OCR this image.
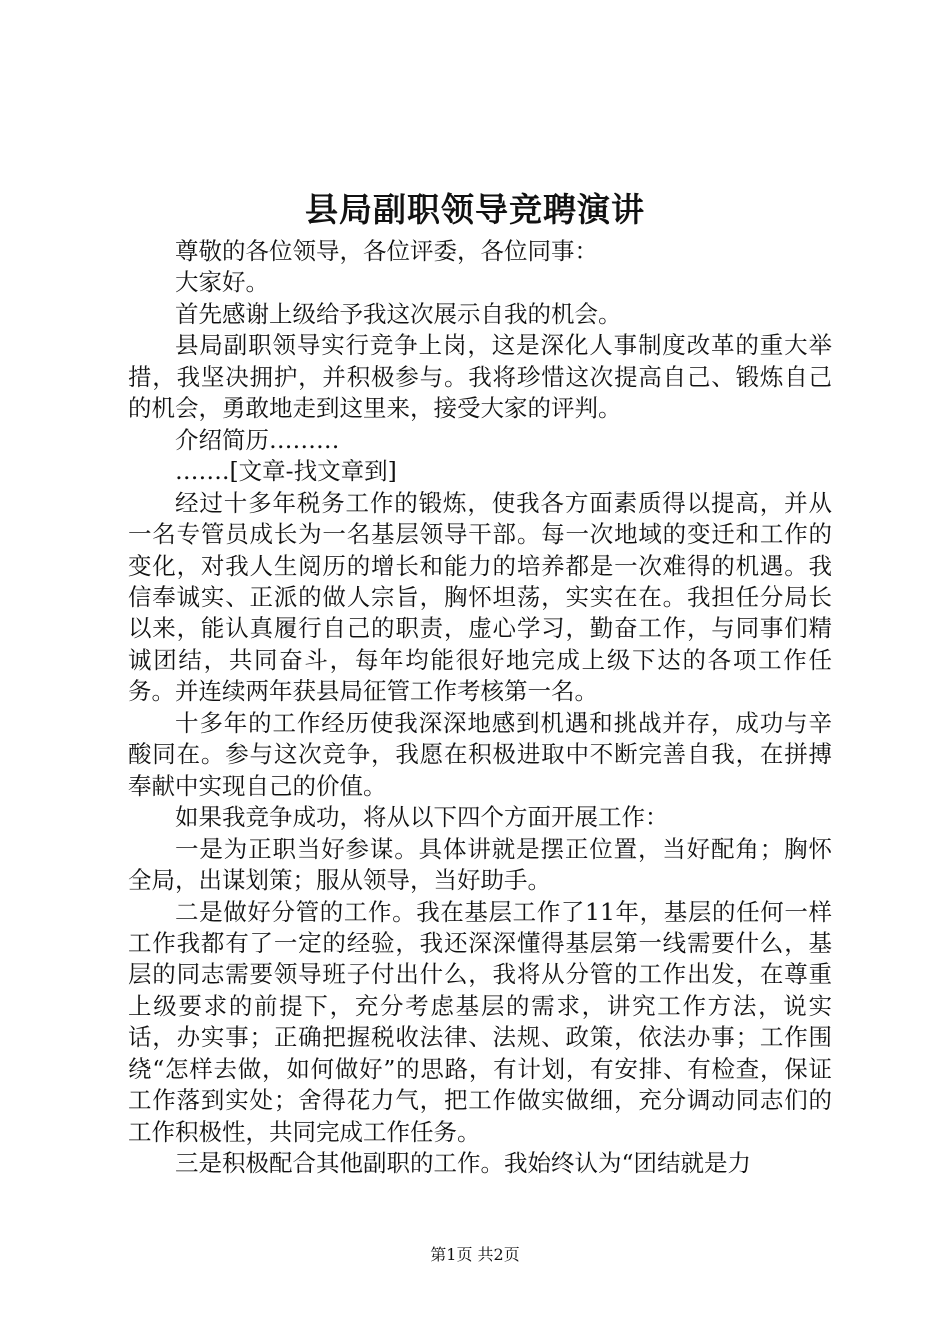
县局副职领导竞聘演讲

尊敬的各位领导，各位评委，各位同事：

大家好。

首先感谢上级给予我这次展示自我的机会。

县局副职领导实行竞争上岗，这是深化人事制度改革的重大举措，我坚决拥护，并积极参与。我将珍惜这次提高自己、锻炼自己的机会，勇敢地走到这里来，接受大家的评判。

介绍简历………

…….[文章-找文章到]

经过十多年税务工作的锻炼，使我各方面素质得以提高，并从一名专管员成长为一名基层领导干部。每一次地域的变迁和工作的变化，对我人生阅历的增长和能力的培养都是一次难得的机遇。我信奉诚实、正派的做人宗旨，胸怀坦荡，实实在在。我担任分局长以来，能认真履行自己的职责，虚心学习，勤奋工作，与同事们精诚团结，共同奋斗，每年均能很好地完成上级下达的各项工作任务。并连续两年获县局征管工作考核第一名。

十多年的工作经历使我深深地感到机遇和挑战并存，成功与辛酸同在。参与这次竞争，我愿在积极进取中不断完善自我，在拼搏奉献中实现自己的价值。

如果我竞争成功，将从以下四个方面开展工作：

一是为正职当好参谋。具体讲就是摆正位置，当好配角；胸怀全局，出谋划策；服从领导，当好助手。

二是做好分管的工作。我在基层工作了11年，基层的任何一样工作我都有了一定的经验，我还深深懂得基层第一线需要什么，基层的同志需要领导班子付出什么，我将从分管的工作出发，在尊重上级要求的前提下，充分考虑基层的需求，讲究工作方法，说实话，办实事；正确把握税收法律、法规、政策，依法办事；工作围绕“怎样去做，如何做好”的思路，有计划，有安排、有检查，保证工作落到实处；舍得花力气，把工作做实做细，充分调动同志们的工作积极性，共同完成工作任务。

三是积极配合其他副职的工作。我始终认为“团结就是力

第1页 共2页
